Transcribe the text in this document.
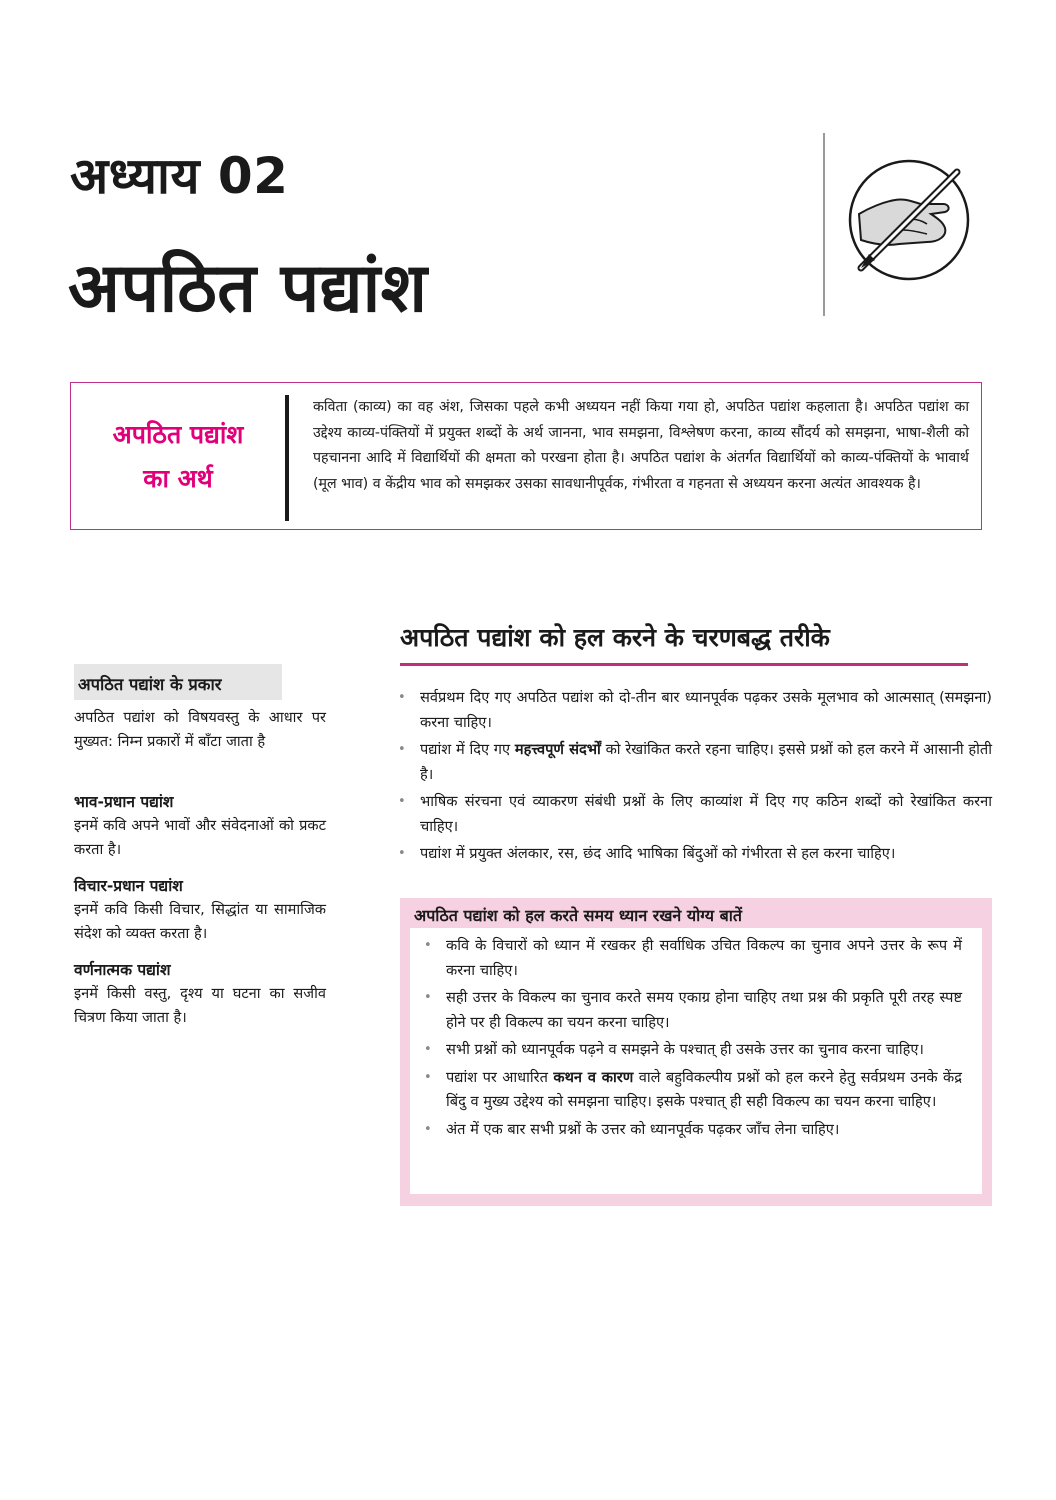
अध्याय 02
अपठित पद्यांश
अपठित पद्यांश
का अर्थ
कविता (काव्य) का वह अंश, जिसका पहले कभी अध्ययन नहीं किया गया हो, अपठित पद्यांश कहलाता है। अपठित पद्यांश का उद्देश्य काव्य-पंक्तियों में प्रयुक्त शब्दों के अर्थ जानना, भाव समझना, विश्लेषण करना, काव्य सौंदर्य को समझना, भाषा-शैली को पहचानना आदि में विद्यार्थियों की क्षमता को परखना होता है। अपठित पद्यांश के अंतर्गत विद्यार्थियों को काव्य-पंक्तियों के भावार्थ (मूल भाव) व केंद्रीय भाव को समझकर उसका सावधानीपूर्वक, गंभीरता व गहनता से अध्ययन करना अत्यंत आवश्यक है।
अपठित पद्यांश के प्रकार
अपठित पद्यांश को विषयवस्तु के आधार पर मुख्यत: निम्न प्रकारों में बाँटा जाता है
भाव-प्रधान पद्यांश
इनमें कवि अपने भावों और संवेदनाओं को प्रकट करता है।
विचार-प्रधान पद्यांश
इनमें कवि किसी विचार, सिद्धांत या सामाजिक संदेश को व्यक्त करता है।
वर्णनात्मक पद्यांश
इनमें किसी वस्तु, दृश्य या घटना का सजीव चित्रण किया जाता है।
अपठित पद्यांश को हल करने के चरणबद्ध तरीके
• सर्वप्रथम दिए गए अपठित पद्यांश को दो-तीन बार ध्यानपूर्वक पढ़कर उसके मूलभाव को आत्मसात् (समझना) करना चाहिए।
• पद्यांश में दिए गए महत्त्वपूर्ण संदर्भों को रेखांकित करते रहना चाहिए। इससे प्रश्नों को हल करने में आसानी होती है।
• भाषिक संरचना एवं व्याकरण संबंधी प्रश्नों के लिए काव्यांश में दिए गए कठिन शब्दों को रेखांकित करना चाहिए।
• पद्यांश में प्रयुक्त अंलकार, रस, छंद आदि भाषिका बिंदुओं को गंभीरता से हल करना चाहिए।
अपठित पद्यांश को हल करते समय ध्यान रखने योग्य बातें
• कवि के विचारों को ध्यान में रखकर ही सर्वाधिक उचित विकल्प का चुनाव अपने उत्तर के रूप में करना चाहिए।
• सही उत्तर के विकल्प का चुनाव करते समय एकाग्र होना चाहिए तथा प्रश्न की प्रकृति पूरी तरह स्पष्ट होने पर ही विकल्प का चयन करना चाहिए।
• सभी प्रश्नों को ध्यानपूर्वक पढ़ने व समझने के पश्चात् ही उसके उत्तर का चुनाव करना चाहिए।
• पद्यांश पर आधारित कथन व कारण वाले बहुविकल्पीय प्रश्नों को हल करने हेतु सर्वप्रथम उनके केंद्र बिंदु व मुख्य उद्देश्य को समझना चाहिए। इसके पश्चात् ही सही विकल्प का चयन करना चाहिए।
• अंत में एक बार सभी प्रश्नों के उत्तर को ध्यानपूर्वक पढ़कर जाँच लेना चाहिए।
